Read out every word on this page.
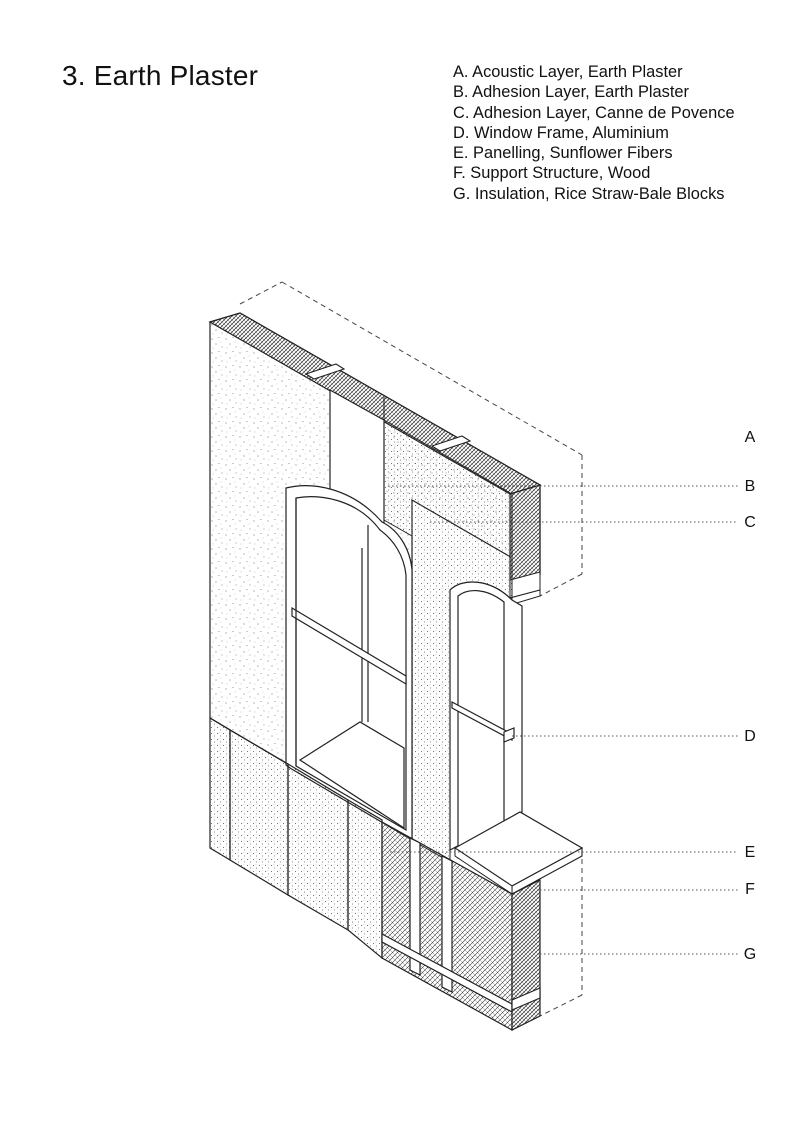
3. Earth Plaster	A. Acoustic Layer, Earth Plaster
B. Adhesion Layer, Earth Plaster
C. Adhesion Layer, Canne de Povence
D. Window Frame, Aluminium
E. Panelling, Sunflower Fibers
F. Support Structure, Wood
G. Insulation, Rice Straw-Bale Blocks
A
B
C
D
E
F
G
